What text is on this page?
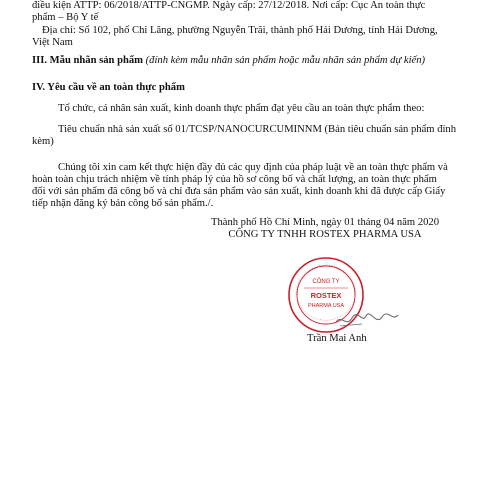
điều kiện ATTP: 06/2018/ATTP-CNGMP. Ngày cấp: 27/12/2018. Nơi cấp: Cục An toàn thực
phẩm – Bộ Y tế
Địa chỉ: Số 102, phố Chi Lăng, phường Nguyễn Trãi, thành phố Hải Dương, tỉnh Hải Dương,
Việt Nam
III. Mẫu nhãn sản phẩm (đính kèm mẫu nhãn sản phẩm hoặc mẫu nhãn sản phẩm dự kiến)
IV. Yêu cầu về an toàn thực phẩm
Tổ chức, cá nhân sản xuất, kinh doanh thực phẩm đạt yêu cầu an toàn thực phẩm theo:
Tiêu chuẩn nhà sản xuất số 01/TCSP/NANOCURCUMINNM (Bản tiêu chuẩn sản phẩm đính
kèm)
Chúng tôi xin cam kết thực hiện đầy đủ các quy định của pháp luật về an toàn thực phẩm và
hoàn toàn chịu trách nhiệm về tính pháp lý của hồ sơ công bố và chất lượng, an toàn thực phẩm
đối với sản phẩm đã công bố và chỉ đưa sản phẩm vào sản xuất, kinh doanh khi đã được cấp Giấy
tiếp nhận đăng ký bản công bố sản phẩm./.
Thành phố Hồ Chí Minh, ngày 01 tháng 04 năm 2020
CÔNG TY TNHH ROSTEX PHARMA USA
CÔNG TY
ROSTEX
PHARMA USA
Trần Mai Anh
